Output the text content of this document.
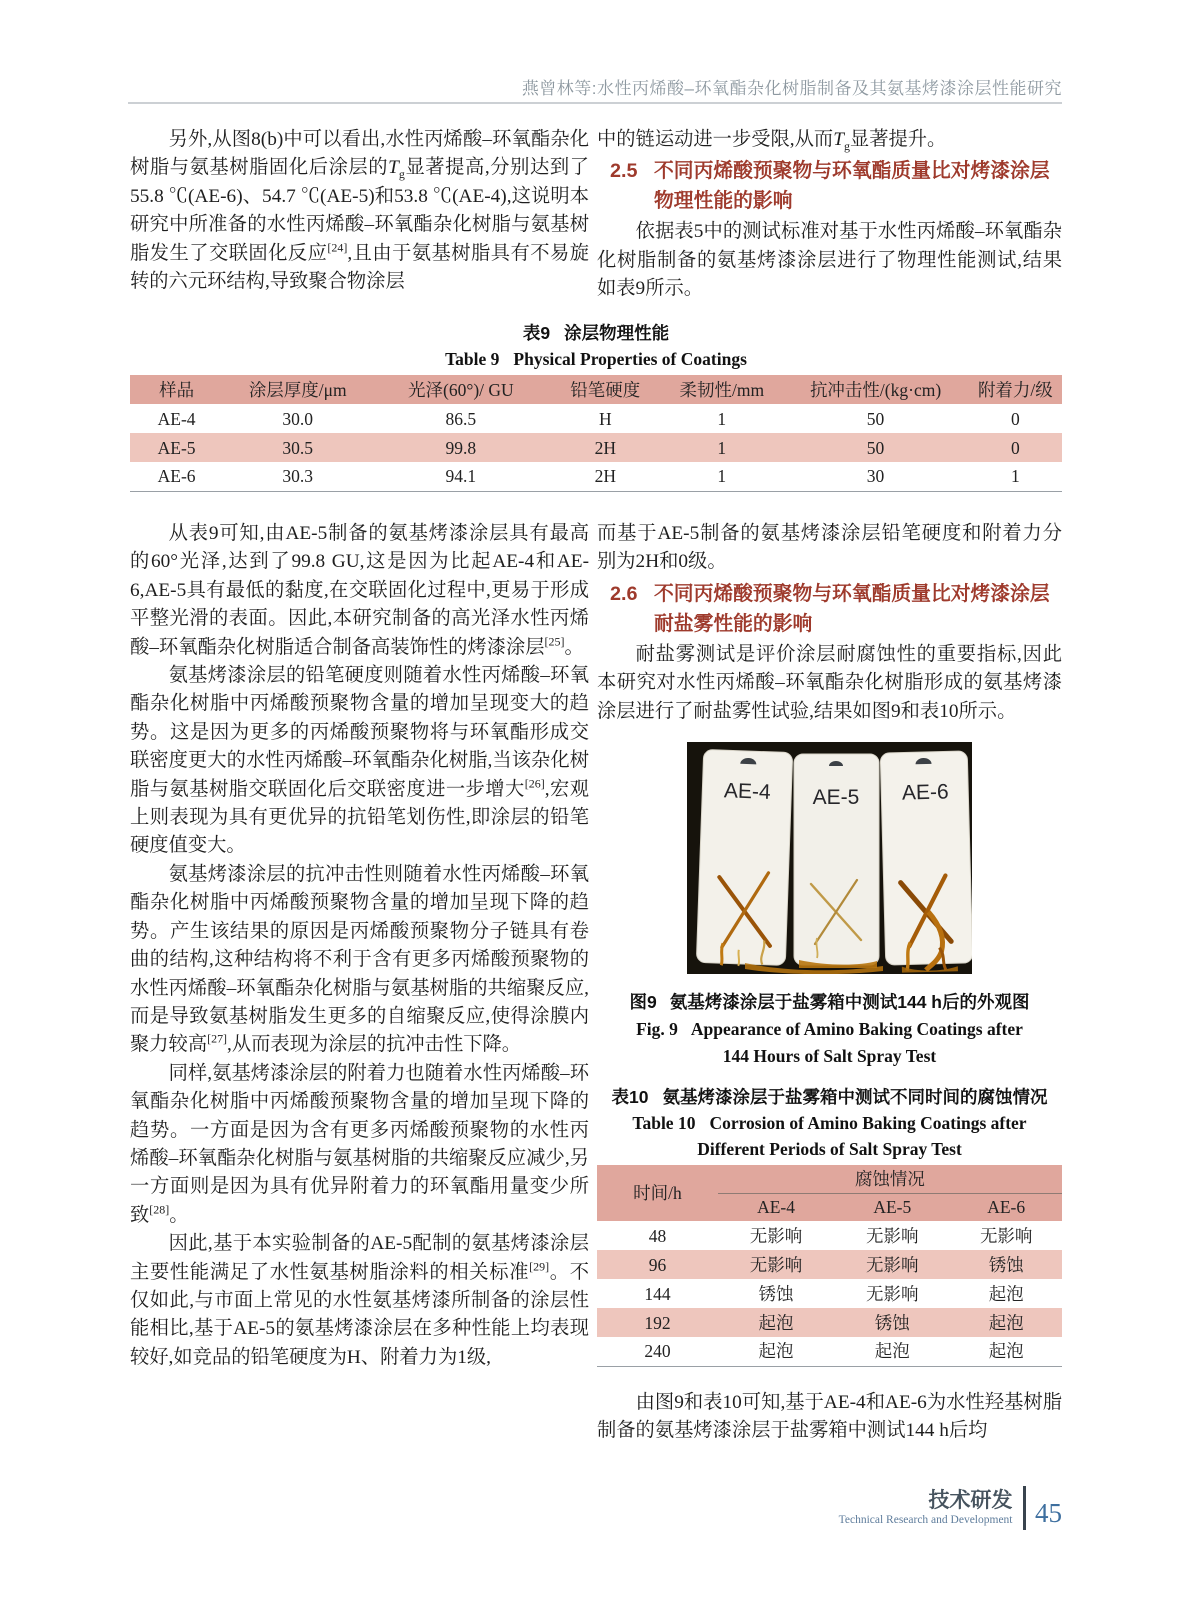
燕曾林等:水性丙烯酸–环氧酯杂化树脂制备及其氨基烤漆涂层性能研究

另外,从图8(b)中可以看出,水性丙烯酸–环氧酯杂化树脂与氨基树脂固化后涂层的$T_g$显著提高,分别达到了55.8 ℃(AE-6)、54.7 ℃(AE-5)和53.8 ℃(AE-4),这说明本研究中所准备的水性丙烯酸–环氧酯杂化树脂与氨基树脂发生了交联固化反应[24],且由于氨基树脂具有不易旋转的六元环结构,导致聚合物涂层

中的链运动进一步受限,从而$T_g$显著提升。

2.5 不同丙烯酸预聚物与环氧酯质量比对烤漆涂层物理性能的影响

依据表5中的测试标准对基于水性丙烯酸–环氧酯杂化树脂制备的氨基烤漆涂层进行了物理性能测试,结果如表9所示。

表9 涂层物理性能
Table 9 Physical Properties of Coatings
样品	涂层厚度/μm	光泽(60°)/ GU	铅笔硬度	柔韧性/mm	抗冲击性/(kg·cm)	附着力/级
AE-4	30.0	86.5	H	1	50	0
AE-5	30.5	99.8	2H	1	50	0
AE-6	30.3	94.1	2H	1	30	1

从表9可知,由AE-5制备的氨基烤漆涂层具有最高的60°光泽,达到了99.8 GU,这是因为比起AE-4和AE-6,AE-5具有最低的黏度,在交联固化过程中,更易于形成平整光滑的表面。因此,本研究制备的高光泽水性丙烯酸–环氧酯杂化树脂适合制备高装饰性的烤漆涂层[25]。

氨基烤漆涂层的铅笔硬度则随着水性丙烯酸–环氧酯杂化树脂中丙烯酸预聚物含量的增加呈现变大的趋势。这是因为更多的丙烯酸预聚物将与环氧酯形成交联密度更大的水性丙烯酸–环氧酯杂化树脂,当该杂化树脂与氨基树脂交联固化后交联密度进一步增大[26],宏观上则表现为具有更优异的抗铅笔划伤性,即涂层的铅笔硬度值变大。

氨基烤漆涂层的抗冲击性则随着水性丙烯酸–环氧酯杂化树脂中丙烯酸预聚物含量的增加呈现下降的趋势。产生该结果的原因是丙烯酸预聚物分子链具有卷曲的结构,这种结构将不利于含有更多丙烯酸预聚物的水性丙烯酸–环氧酯杂化树脂与氨基树脂的共缩聚反应,而是导致氨基树脂发生更多的自缩聚反应,使得涂膜内聚力较高[27],从而表现为涂层的抗冲击性下降。

同样,氨基烤漆涂层的附着力也随着水性丙烯酸–环氧酯杂化树脂中丙烯酸预聚物含量的增加呈现下降的趋势。一方面是因为含有更多丙烯酸预聚物的水性丙烯酸–环氧酯杂化树脂与氨基树脂的共缩聚反应减少,另一方面则是因为具有优异附着力的环氧酯用量变少所致[28]。

因此,基于本实验制备的AE-5配制的氨基烤漆涂层主要性能满足了水性氨基树脂涂料的相关标准[29]。不仅如此,与市面上常见的水性氨基烤漆所制备的涂层性能相比,基于AE-5的氨基烤漆涂层在多种性能上均表现较好,如竞品的铅笔硬度为H、附着力为1级,

而基于AE-5制备的氨基烤漆涂层铅笔硬度和附着力分别为2H和0级。

2.6 不同丙烯酸预聚物与环氧酯质量比对烤漆涂层耐盐雾性能的影响

耐盐雾测试是评价涂层耐腐蚀性的重要指标,因此本研究对水性丙烯酸–环氧酯杂化树脂形成的氨基烤漆涂层进行了耐盐雾性试验,结果如图9和表10所示。

AE-4 AE-5 AE-6
图9 氨基烤漆涂层于盐雾箱中测试144 h后的外观图
Fig. 9 Appearance of Amino Baking Coatings after 144 Hours of Salt Spray Test
表10 氨基烤漆涂层于盐雾箱中测试不同时间的腐蚀情况
Table 10 Corrosion of Amino Baking Coatings after Different Periods of Salt Spray Test
时间/h	腐蚀情况		
	AE-4	AE-5	AE-6
48	无影响	无影响	无影响
96	无影响	无影响	锈蚀
144	锈蚀	无影响	起泡
192	起泡	锈蚀	起泡
240	起泡	起泡	起泡

由图9和表10可知,基于AE-4和AE-6为水性羟基树脂制备的氨基烤漆涂层于盐雾箱中测试144 h后均

技术研发
Technical Research and Development 45
